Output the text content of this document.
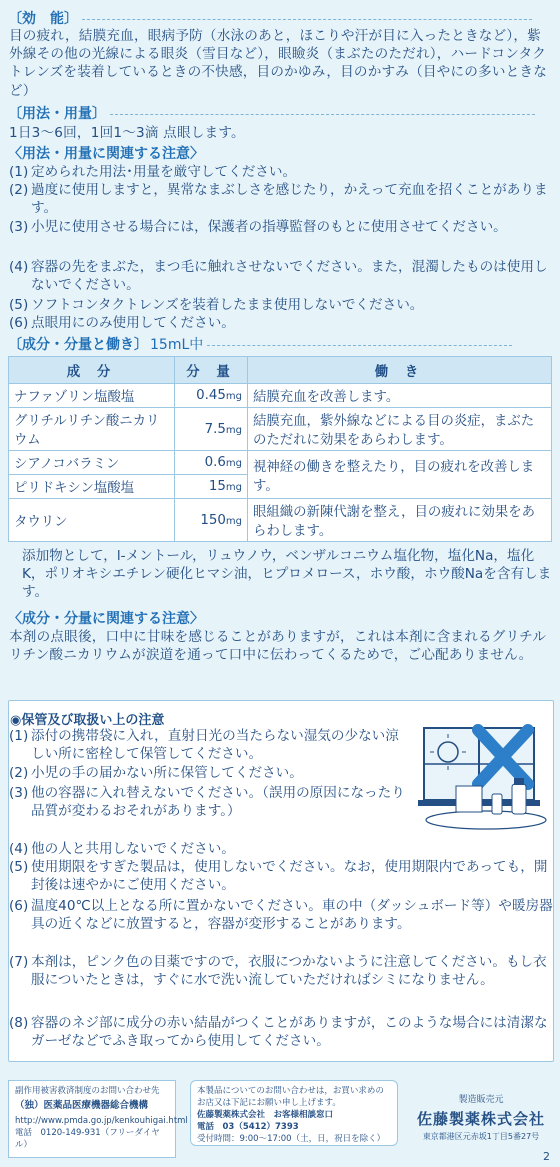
〔効　能〕
目の疲れ，結膜充血，眼病予防（水泳のあと，ほこりや汗が目に入ったときなど），紫外線その他の光線による眼炎（雪目など），眼瞼炎（まぶたのただれ），ハードコンタクトレンズを装着しているときの不快感，目のかゆみ，目のかすみ（目やにの多いときなど）
〔用法・用量〕
1日3～6回，1回1～3滴 点眼します。
〈用法・用量に関連する注意〉
(1) 定められた用法･用量を厳守してください。
(2) 過度に使用しますと，異常なまぶしさを感じたり，かえって充血を招くことがあります。
(3) 小児に使用させる場合には，保護者の指導監督のもとに使用させてください。
(4) 容器の先をまぶた，まつ毛に触れさせないでください。また，混濁したものは使用しないでください。
(5) ソフトコンタクトレンズを装着したまま使用しないでください。
(6) 点眼用にのみ使用してください。
〔成分・分量と働き〕 15mL中
成 分	分 量	働 き
ナファゾリン塩酸塩	0.45mg	結膜充血を改善します。
グリチルリチン酸ニカリウム	7.5mg	結膜充血，紫外線などによる目の炎症，まぶたのただれに効果をあらわします。
シアノコバラミン	0.6mg	視神経の働きを整えたり，目の疲れを改善します。
ピリドキシン塩酸塩	15mg	
タウリン	150mg	眼組織の新陳代謝を整え，目の疲れに効果をあらわします。
添加物として，l-メントール，リュウノウ，ベンザルコニウム塩化物，塩化Na，塩化K，ポリオキシエチレン硬化ヒマシ油，ヒプロメロース，ホウ酸，ホウ酸Naを含有します。
〈成分・分量に関連する注意〉
本剤の点眼後，口中に甘味を感じることがありますが，これは本剤に含まれるグリチルリチン酸ニカリウムが涙道を通って口中に伝わってくるためで，ご心配ありません。
◉保管及び取扱い上の注意
(1) 添付の携帯袋に入れ，直射日光の当たらない湿気の少ない涼しい所に密栓して保管してください。
(2) 小児の手の届かない所に保管してください。
(3) 他の容器に入れ替えないでください。（誤用の原因になったり品質が変わるおそれがあります。）
(4) 他の人と共用しないでください。
(5) 使用期限をすぎた製品は，使用しないでください。なお，使用期限内であっても，開封後は速やかにご使用ください。
(6) 温度40℃以上となる所に置かないでください。車の中（ダッシュボード等）や暖房器具の近くなどに放置すると，容器が変形することがあります。
(7) 本剤は，ピンク色の目薬ですので，衣服につかないように注意してください。もし衣服についたときは，すぐに水で洗い流していただければシミになりません。
(8) 容器のネジ部に成分の赤い結晶がつくことがありますが，このような場合には清潔なガーゼなどでふき取ってから使用してください。
副作用被害救済制度のお問い合わせ先
（独）医薬品医療機器総合機構
http://www.pmda.go.jp/kenkouhigai.html
電話　0120-149-931（フリーダイヤル）
本製品についてのお問い合わせは，お買い求めのお店又は下記にお願い申し上げます。
佐藤製薬株式会社　お客様相談窓口
電話　03（5412）7393
受付時間：9:00～17:00（土，日，祝日を除く）
製造販売元
佐藤製薬株式会社
東京都港区元赤坂1丁目5番27号
2
